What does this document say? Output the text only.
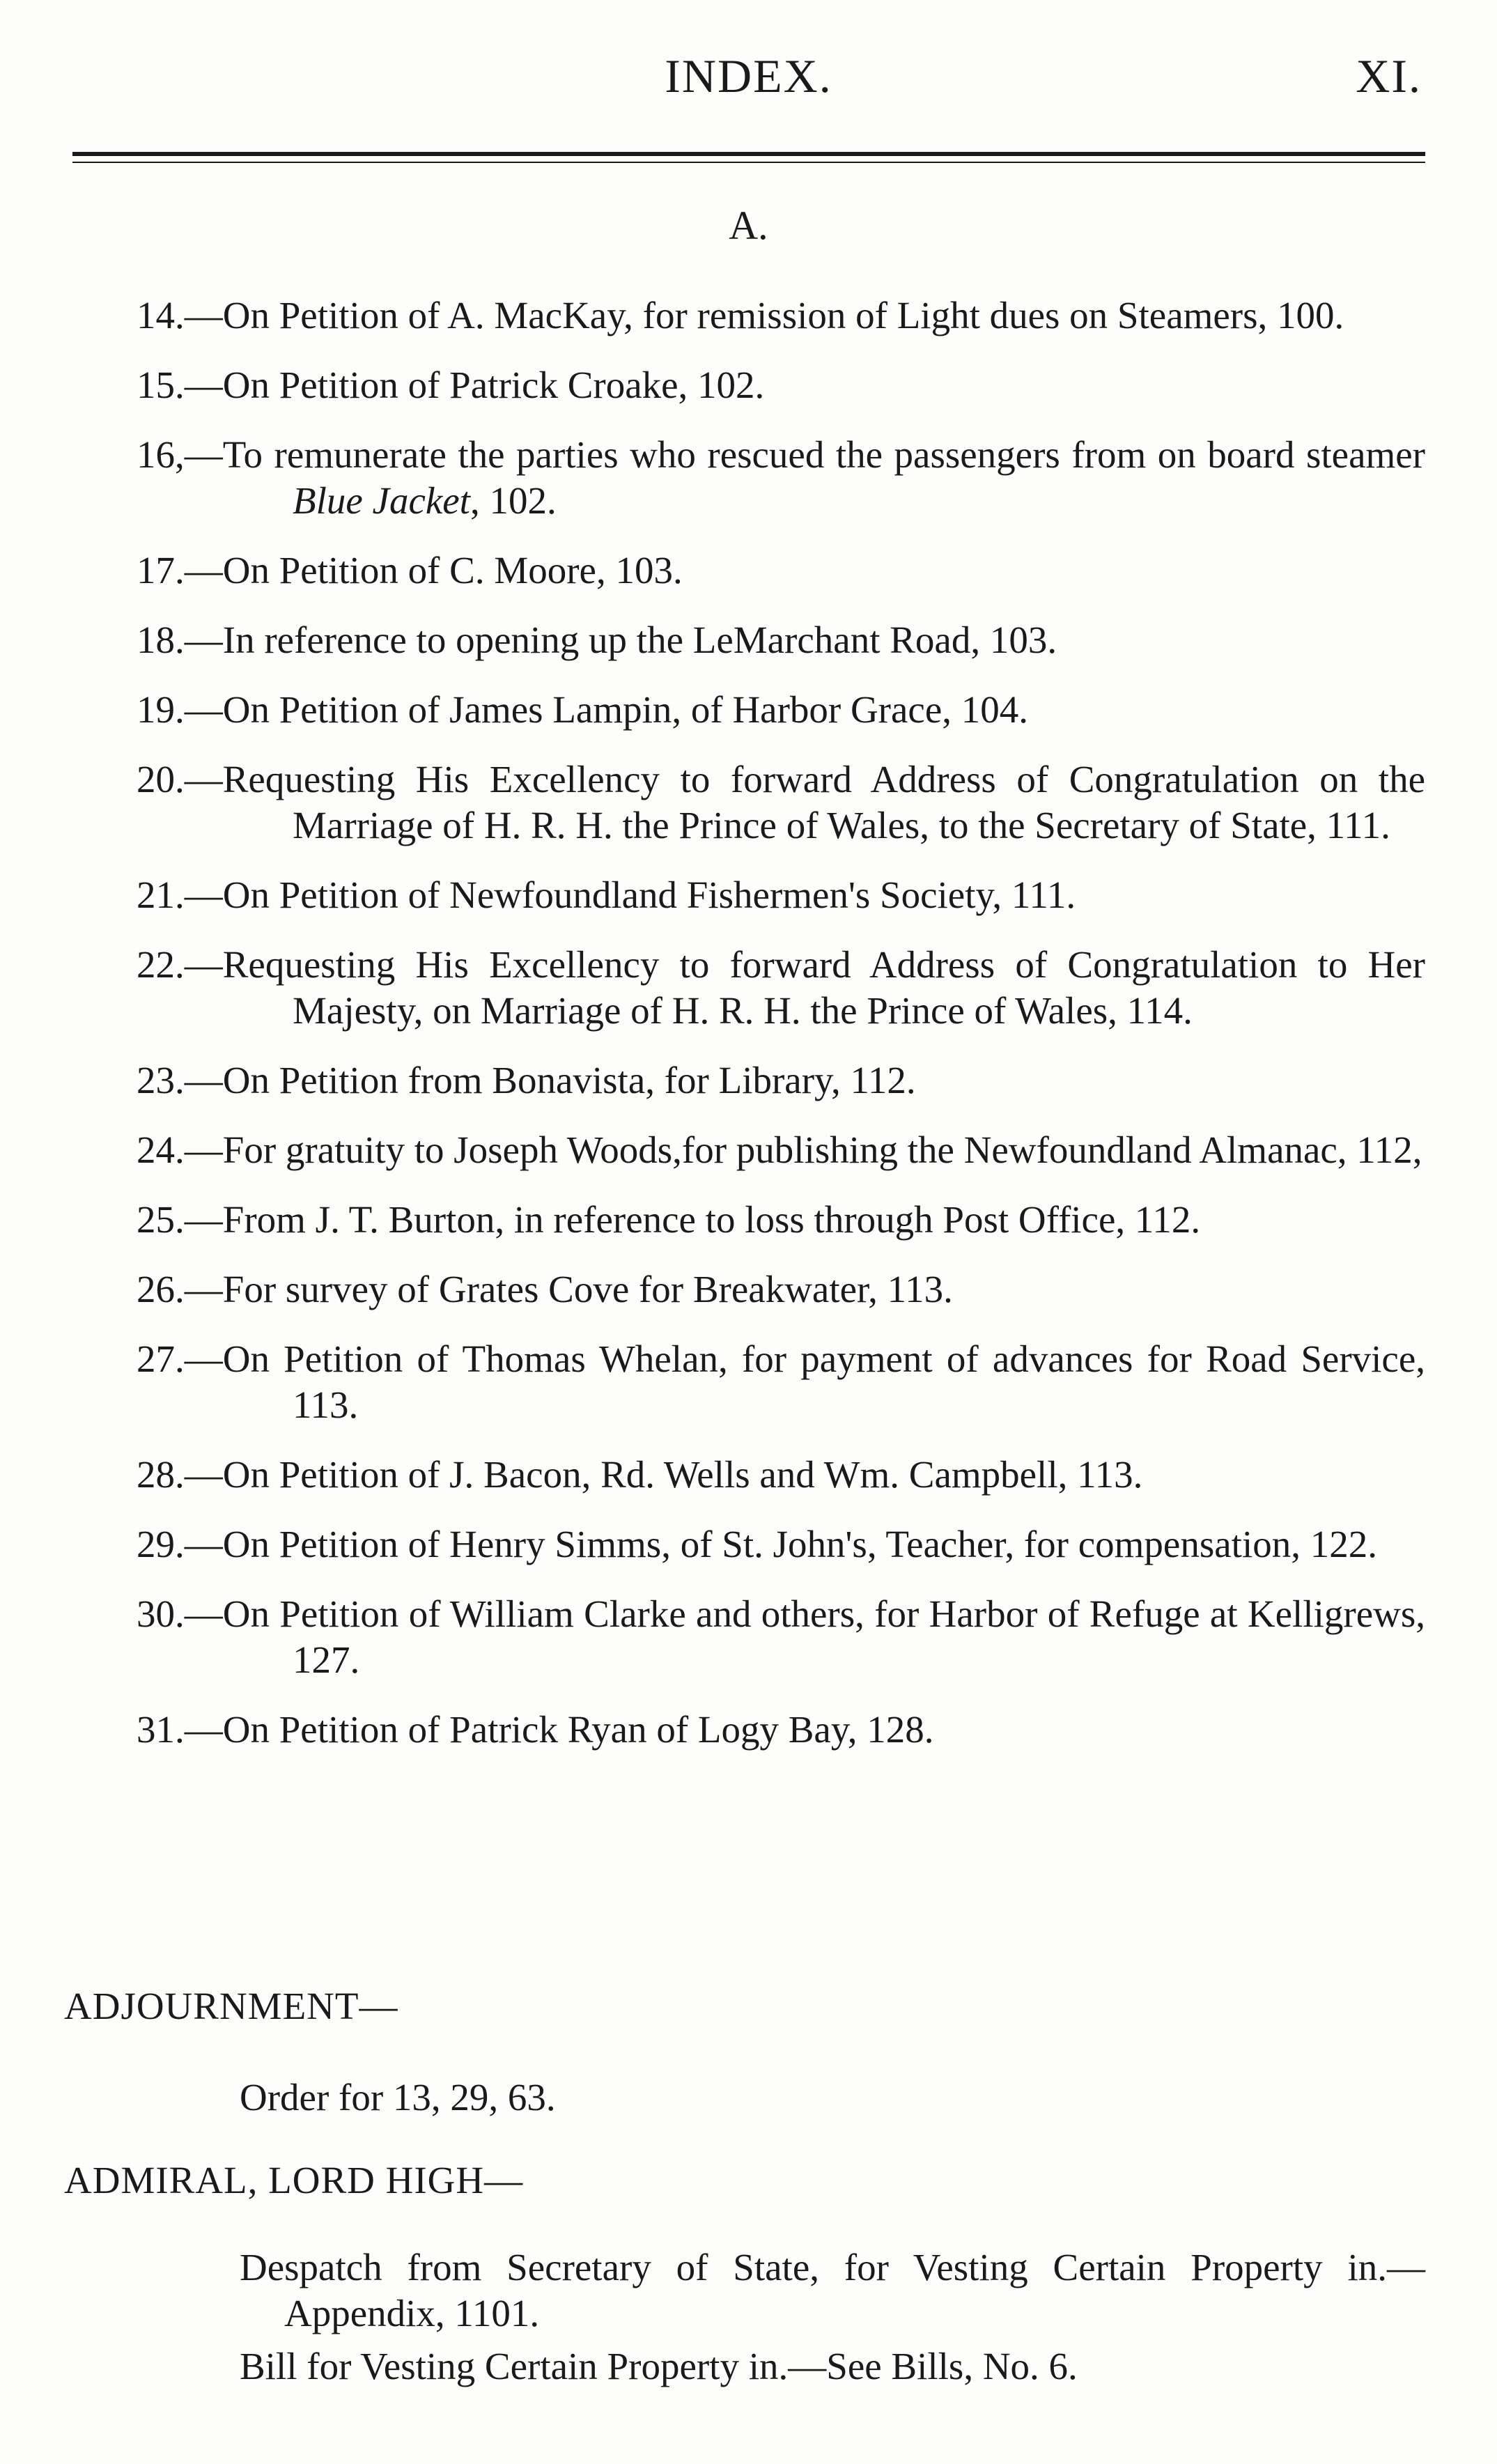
INDEX.	XI.
A.
14.—On Petition of A. MacKay, for remission of Light dues on Steamers, 100.
15.—On Petition of Patrick Croake, 102.
16,—To remunerate the parties who rescued the passengers from on board steamer Blue Jacket, 102.
17.—On Petition of C. Moore, 103.
18.—In reference to opening up the LeMarchant Road, 103.
19.—On Petition of James Lampin, of Harbor Grace, 104.
20.—Requesting His Excellency to forward Address of Congratulation on the Marriage of H. R. H. the Prince of Wales, to the Secretary of State, 111.
21.—On Petition of Newfoundland Fishermen's Society, 111.
22.—Requesting His Excellency to forward Address of Congratulation to Her Majesty, on Marriage of H. R. H. the Prince of Wales, 114.
23.—On Petition from Bonavista, for Library, 112.
24.—For gratuity to Joseph Woods,for publishing the Newfoundland Almanac, 112,
25.—From J. T. Burton, in reference to loss through Post Office, 112.
26.—For survey of Grates Cove for Breakwater, 113.
27.—On Petition of Thomas Whelan, for payment of advances for Road Service, 113.
28.—On Petition of J. Bacon, Rd. Wells and Wm. Campbell, 113.
29.—On Petition of Henry Simms, of St. John's, Teacher, for compensation, 122.
30.—On Petition of William Clarke and others, for Harbor of Refuge at Kelligrews, 127.
31.—On Petition of Patrick Ryan of Logy Bay, 128.
ADJOURNMENT—
Order for 13, 29, 63.
ADMIRAL, LORD HIGH—
Despatch from Secretary of State, for Vesting Certain Property in.—Appendix, 1101.
Bill for Vesting Certain Property in.—See Bills, No. 6.
